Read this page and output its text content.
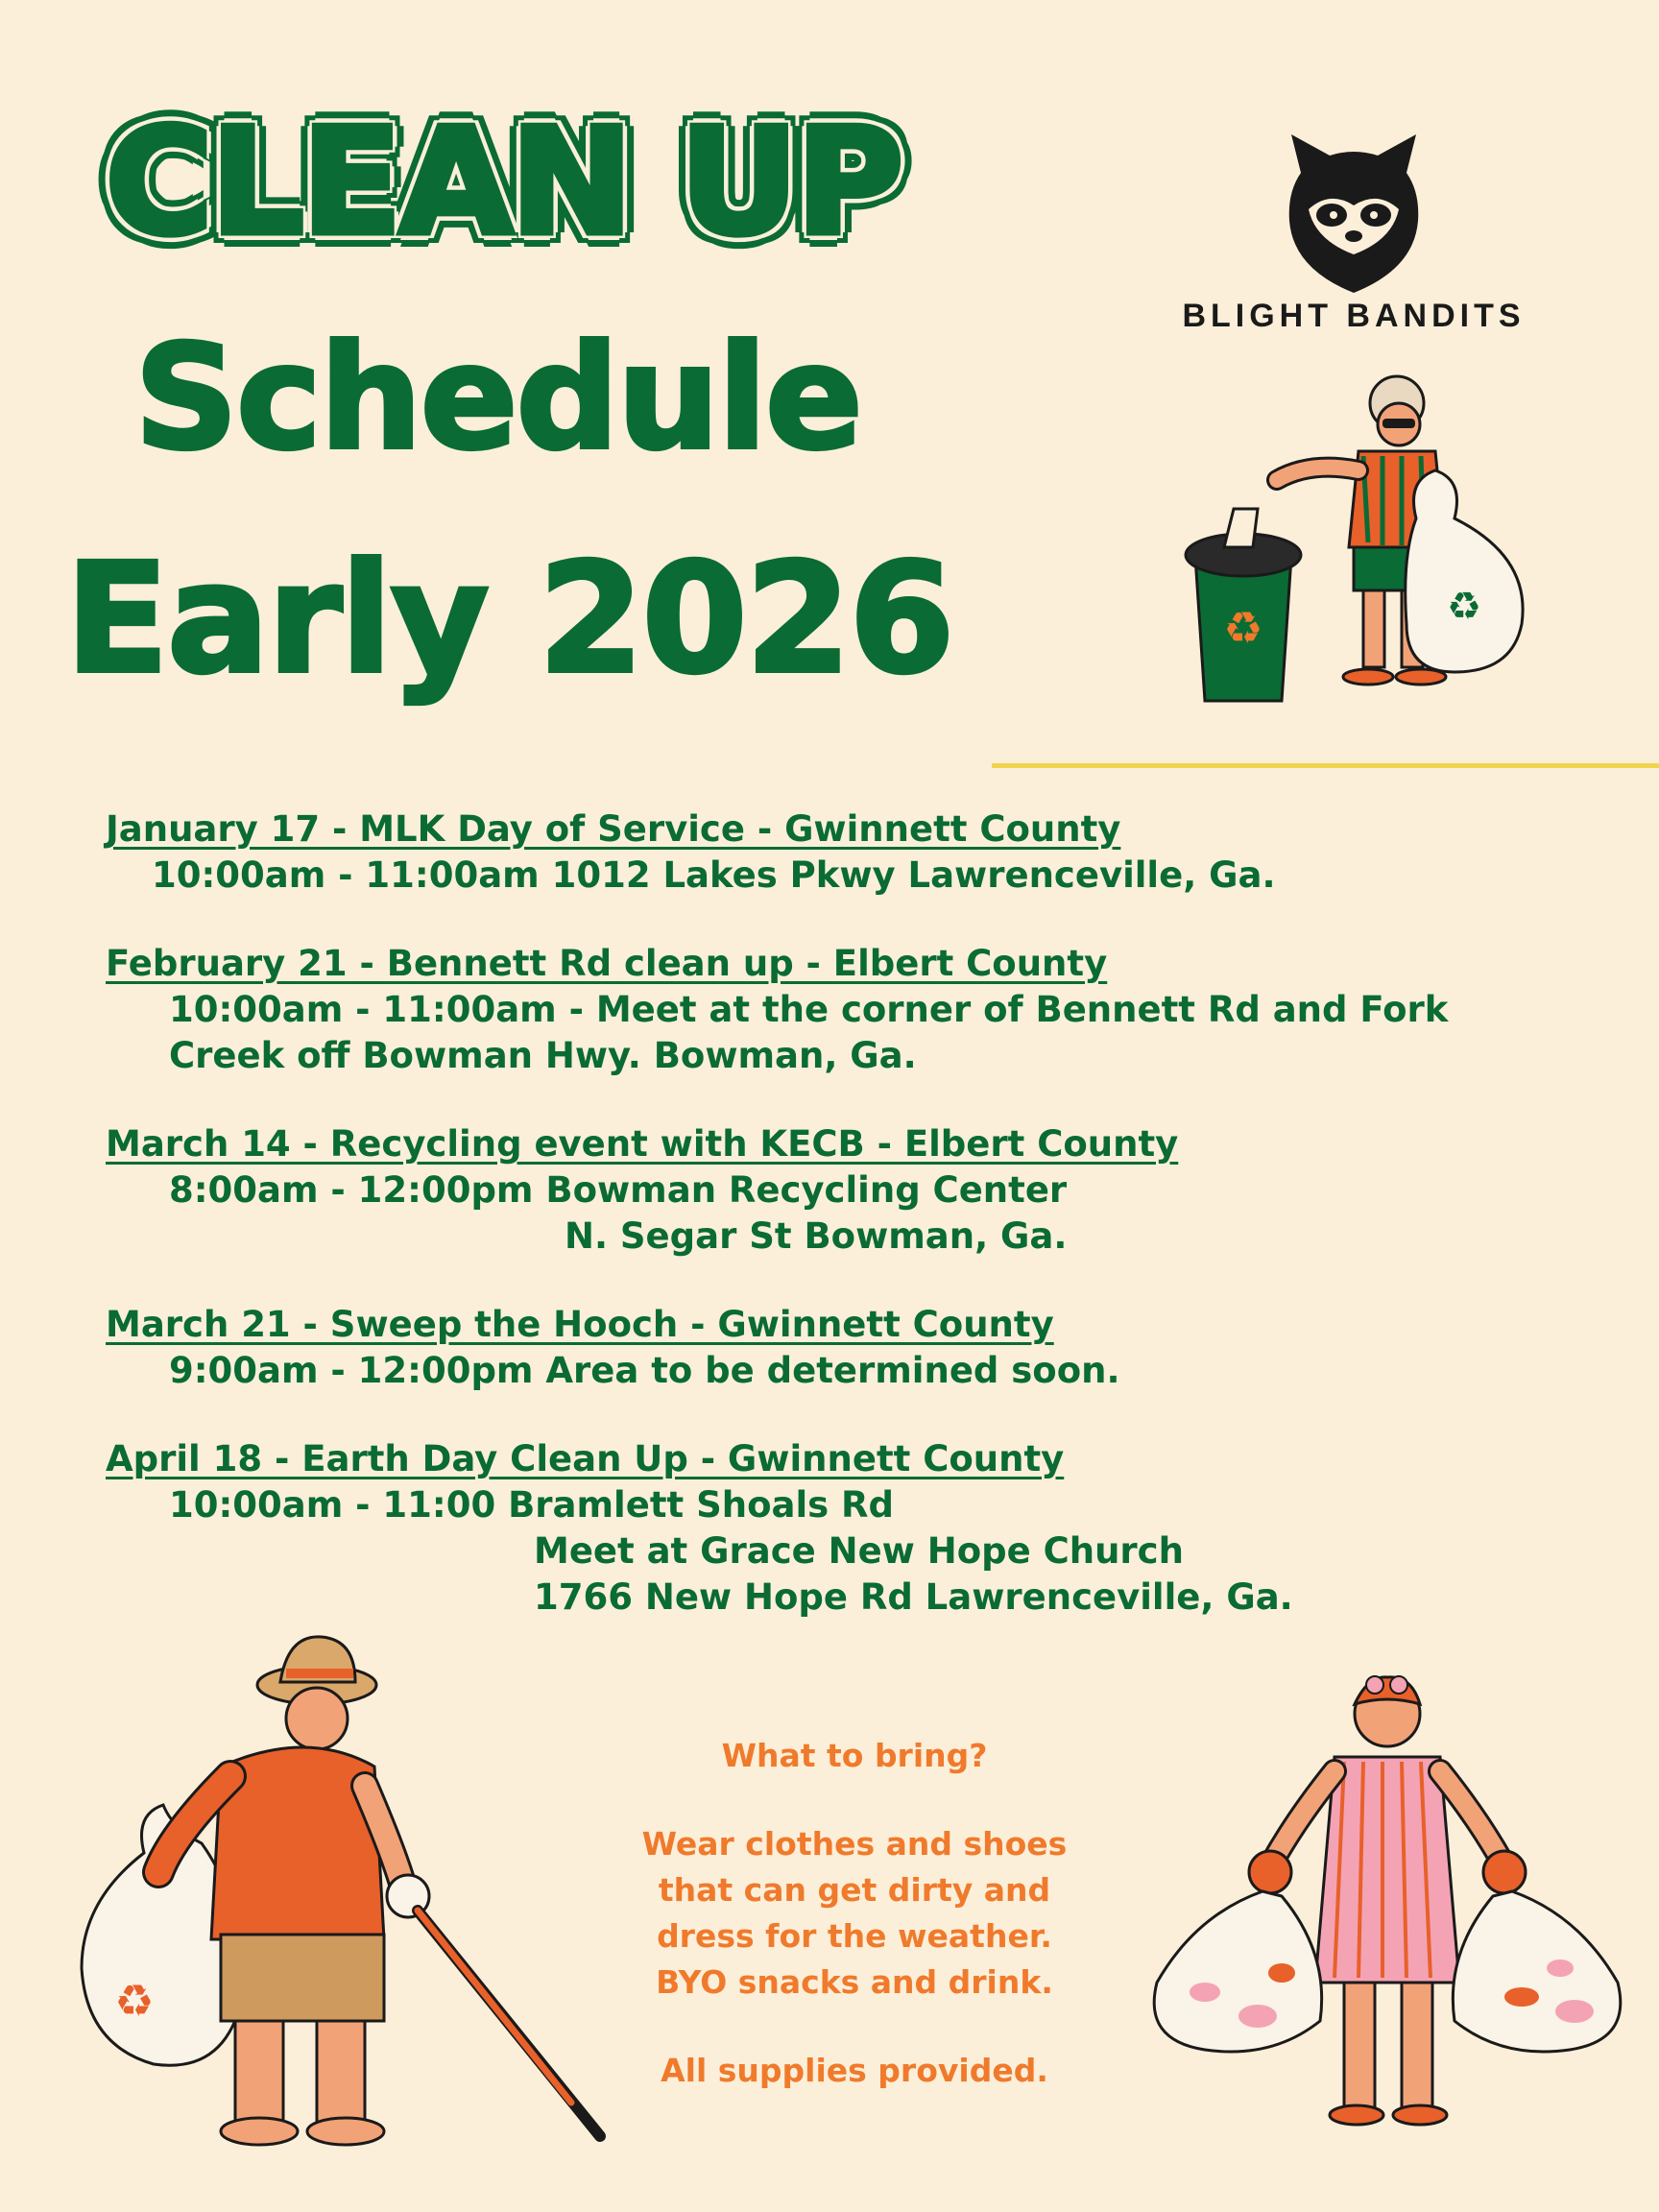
CLEAN UP
Schedule
Early 2026
BLIGHT BANDITS
♻	♻
January 17 - MLK Day of Service - Gwinnett County
10:00am - 11:00am 1012 Lakes Pkwy Lawrenceville, Ga.
February 21 - Bennett Rd clean up - Elbert County
10:00am - 11:00am - Meet at the corner of Bennett Rd and Fork
Creek off Bowman Hwy. Bowman, Ga.
March 14 - Recycling event with KECB - Elbert County
8:00am - 12:00pm Bowman Recycling Center
N. Segar St Bowman, Ga.
March 21 - Sweep the Hooch - Gwinnett County
9:00am - 12:00pm Area to be determined soon.
April 18 - Earth Day Clean Up - Gwinnett County
10:00am - 11:00 Bramlett Shoals Rd
Meet at Grace New Hope Church
1766 New Hope Rd Lawrenceville, Ga.

What to bring?

Wear clothes and shoes

that can get dirty and

dress for the weather.

BYO snacks and drink.

All supplies provided.

♻
